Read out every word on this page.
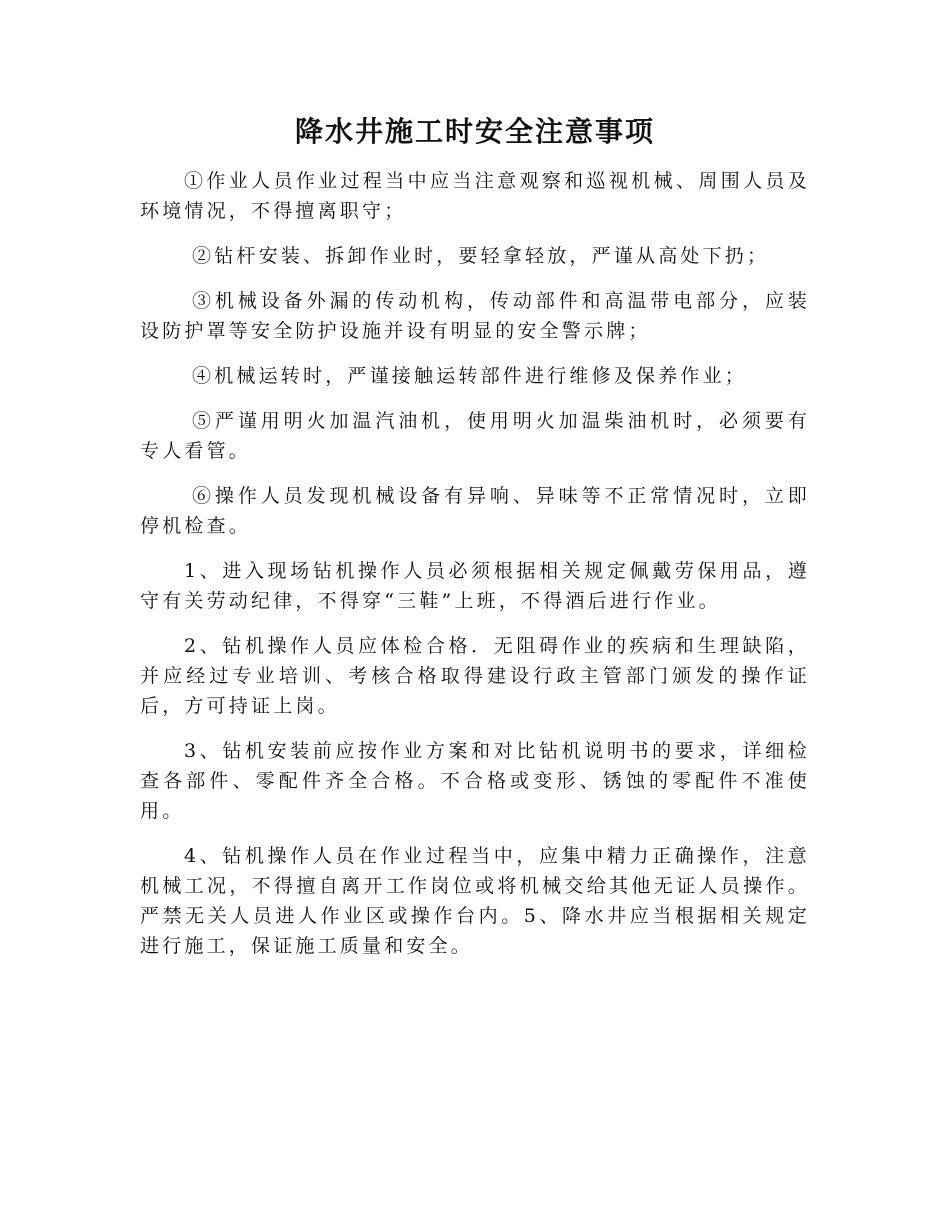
降水井施工时安全注意事项

①作业人员作业过程当中应当注意观察和巡视机械、周围人员及环境情况，不得擅离职守；

②钻杆安装、拆卸作业时，要轻拿轻放，严谨从高处下扔；

③机械设备外漏的传动机构，传动部件和高温带电部分，应装设防护罩等安全防护设施并设有明显的安全警示牌；

④机械运转时，严谨接触运转部件进行维修及保养作业；

⑤严谨用明火加温汽油机，使用明火加温柴油机时，必须要有专人看管。

⑥操作人员发现机械设备有异响、异味等不正常情况时，立即停机检查。

1、进入现场钻机操作人员必须根据相关规定佩戴劳保用品，遵守有关劳动纪律，不得穿“三鞋”上班，不得酒后进行作业。

2、钻机操作人员应体检合格．无阻碍作业的疾病和生理缺陷，并应经过专业培训、考核合格取得建设行政主管部门颁发的操作证后，方可持证上岗。

3、钻机安装前应按作业方案和对比钻机说明书的要求，详细检查各部件、零配件齐全合格。不合格或变形、锈蚀的零配件不准使用。

4、钻机操作人员在作业过程当中，应集中精力正确操作，注意机械工况，不得擅自离开工作岗位或将机械交给其他无证人员操作。严禁无关人员进人作业区或操作台内。5、降水井应当根据相关规定进行施工，保证施工质量和安全。
